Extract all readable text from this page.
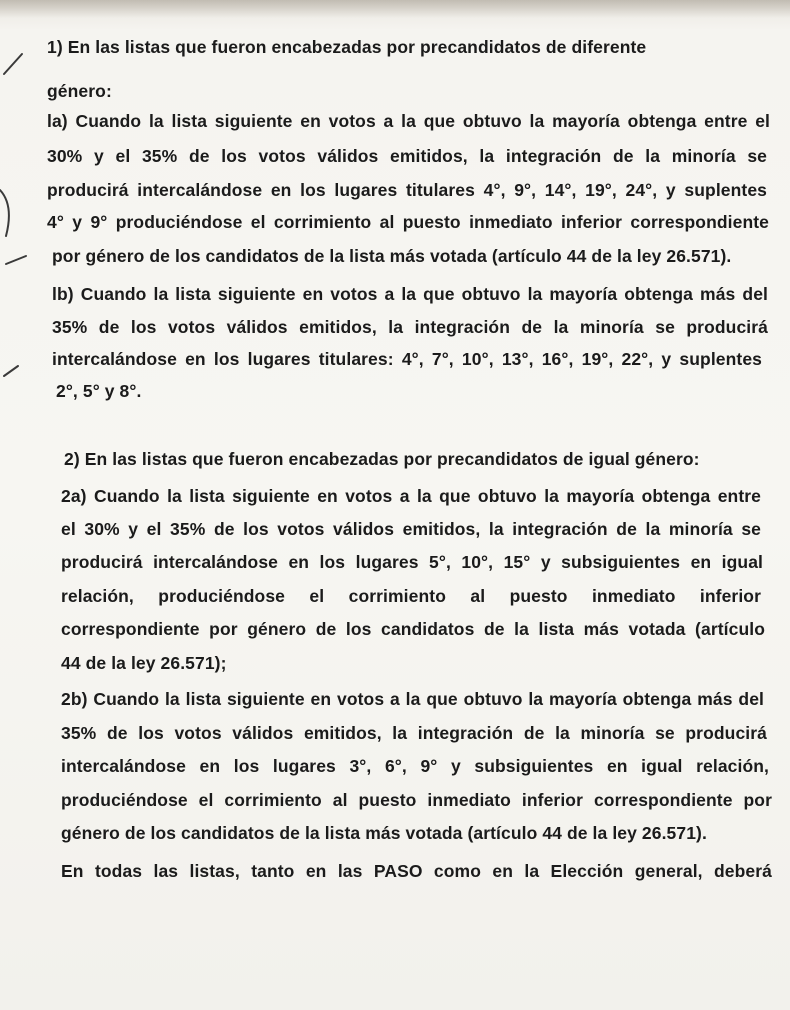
1) En las listas que fueron encabezadas por precandidatos de diferente
género:
la) Cuando la lista siguiente en votos a la que obtuvo la mayoría obtenga entre el
30% y el 35% de los votos válidos emitidos, la integración de la minoría se
producirá intercalándose en los lugares titulares 4°, 9°, 14°, 19°, 24°, y suplentes
4° y 9° produciéndose el corrimiento al puesto inmediato inferior correspondiente
por género de los candidatos de la lista más votada (artículo 44 de la ley 26.571).
lb) Cuando la lista siguiente en votos a la que obtuvo la mayoría obtenga más del
35% de los votos válidos emitidos, la integración de la minoría se producirá
intercalándose en los lugares titulares: 4°, 7°, 10°, 13°, 16°, 19°, 22°, y suplentes
2°, 5° y 8°.
2) En las listas que fueron encabezadas por precandidatos de igual género:
2a) Cuando la lista siguiente en votos a la que obtuvo la mayoría obtenga entre
el 30% y el 35% de los votos válidos emitidos, la integración de la minoría se
producirá intercalándose en los lugares 5°, 10°, 15° y subsiguientes en igual
relación, produciéndose el corrimiento al puesto inmediato inferior
correspondiente por género de los candidatos de la lista más votada (artículo
44 de la ley 26.571);
2b) Cuando la lista siguiente en votos a la que obtuvo la mayoría obtenga más del
35% de los votos válidos emitidos, la integración de la minoría se producirá
intercalándose en los lugares 3°, 6°, 9° y subsiguientes en igual relación,
produciéndose el corrimiento al puesto inmediato inferior correspondiente por
género de los candidatos de la lista más votada (artículo 44 de la ley 26.571).
En todas las listas, tanto en las PASO como en la Elección general, deberá
